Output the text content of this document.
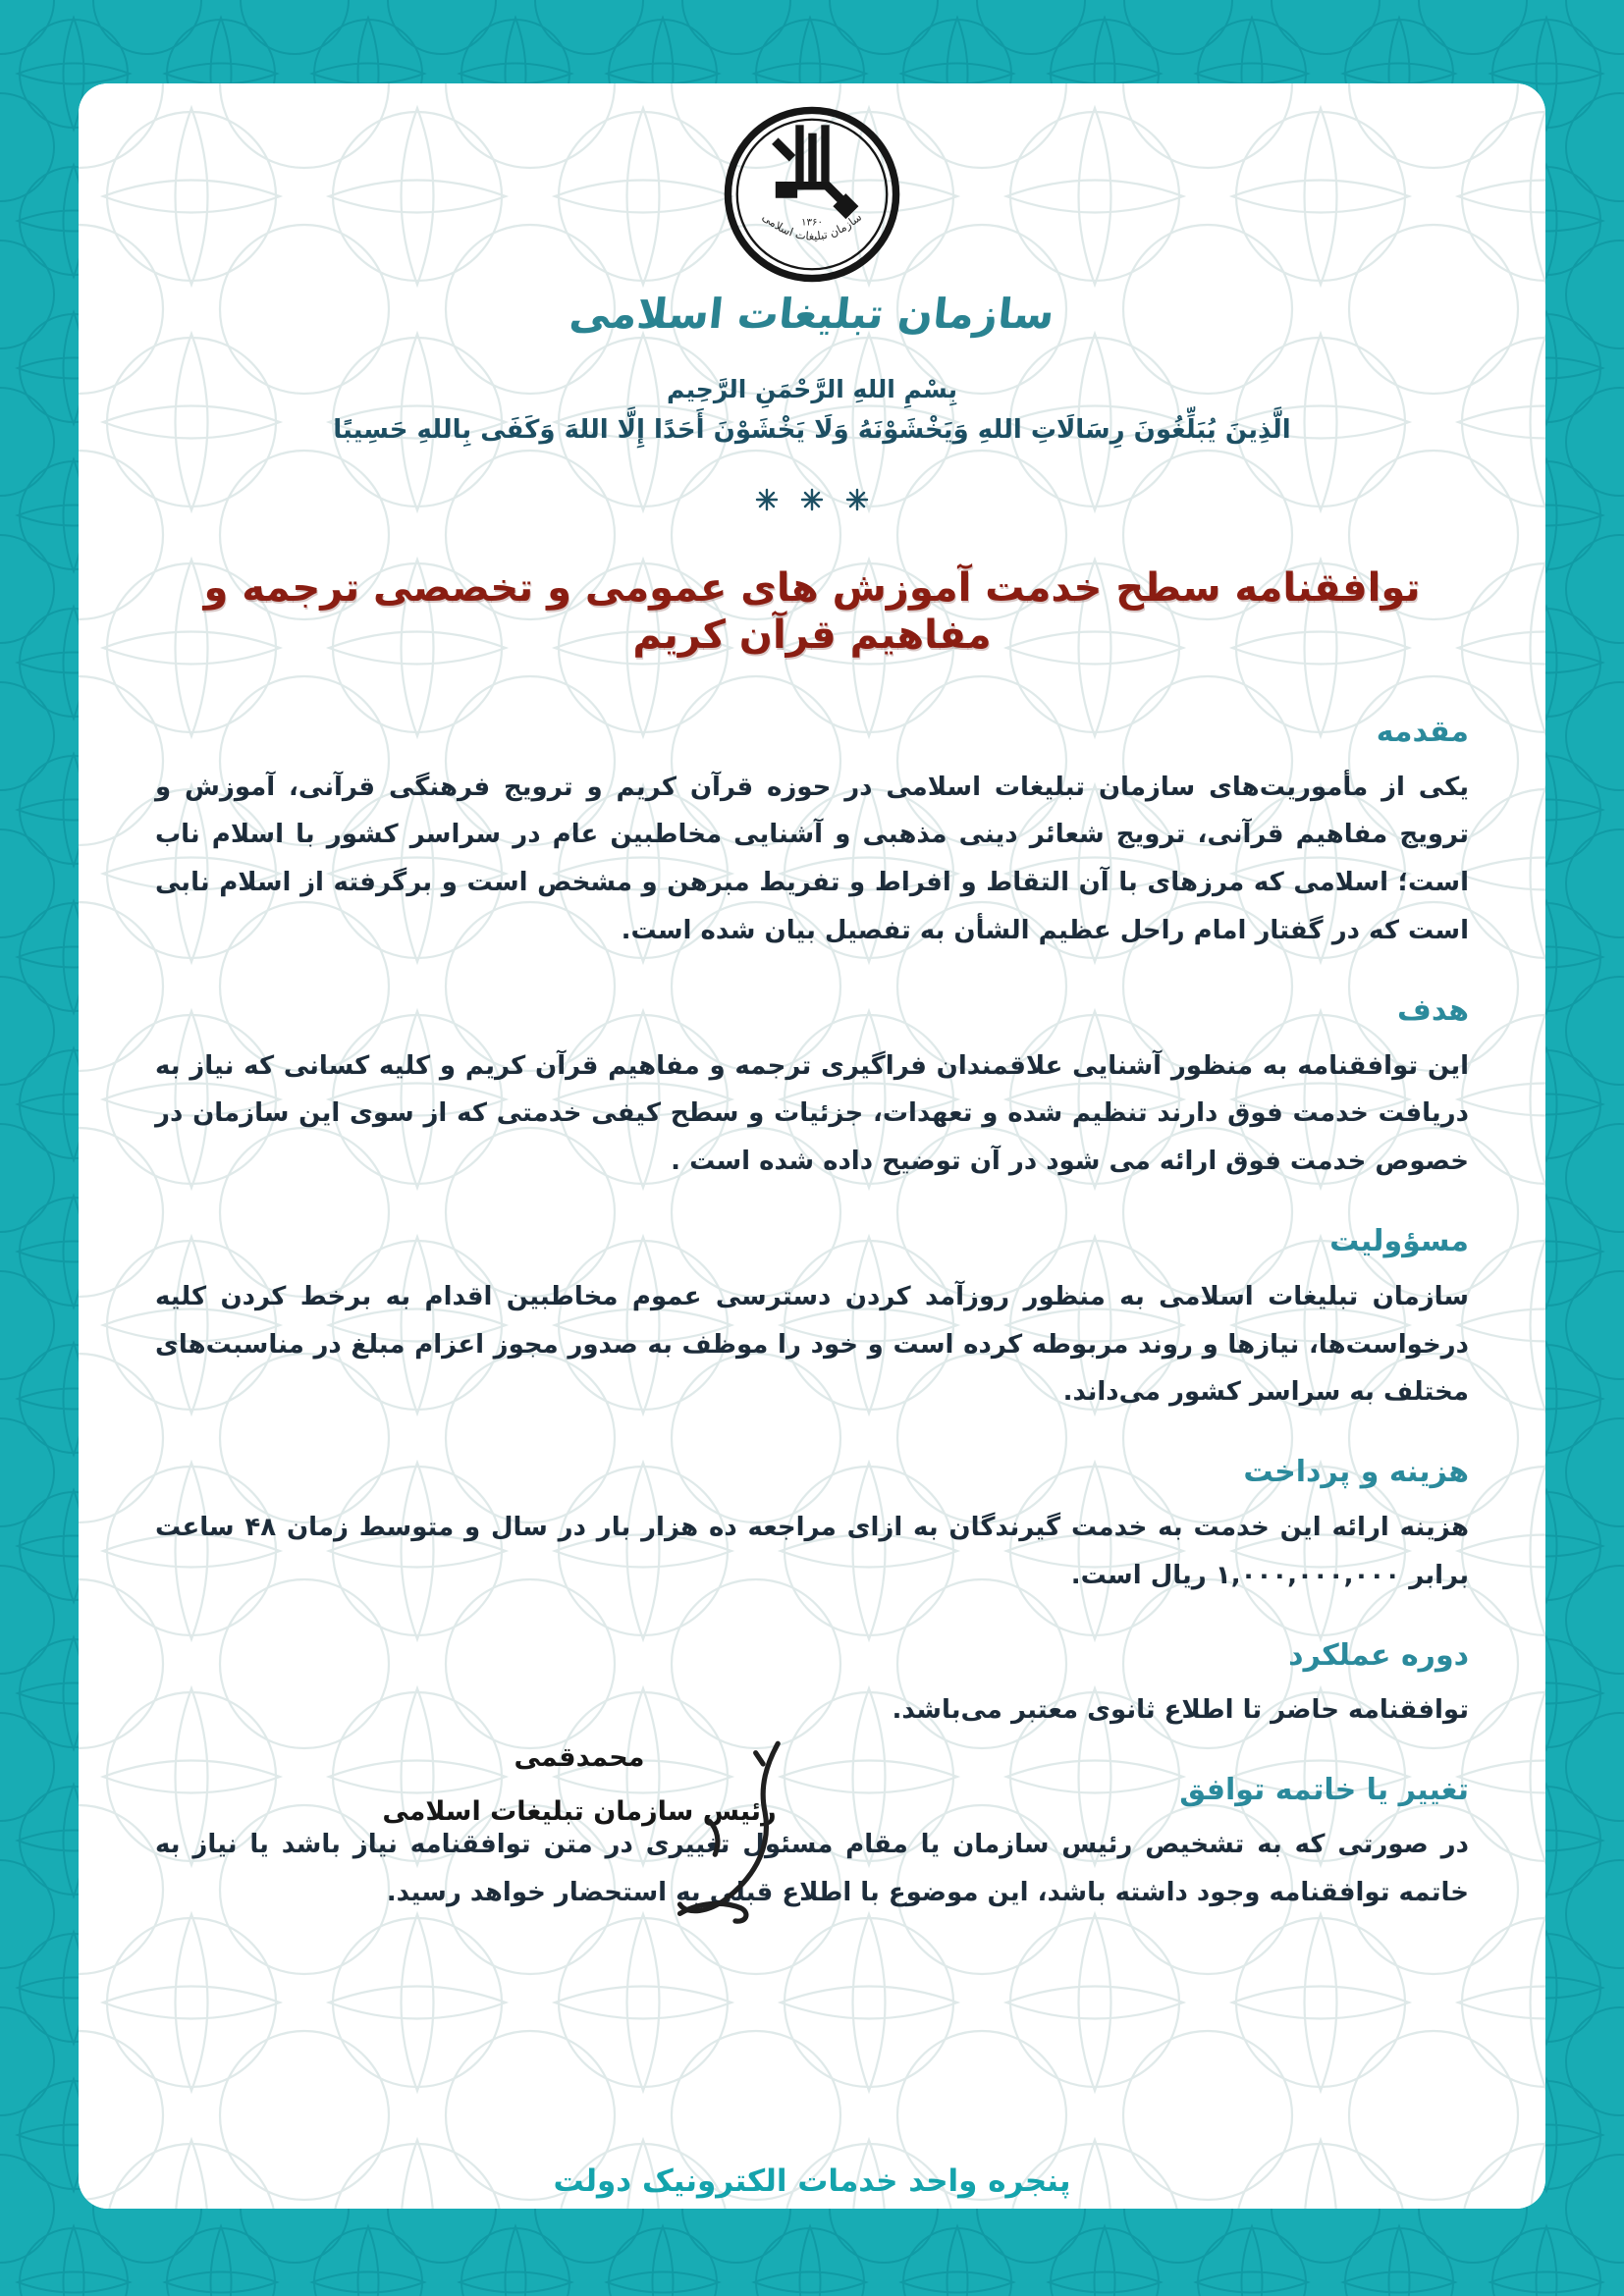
۱۳۶۰
سازمان تبلیغات اسلامی
سازمان تبلیغات اسلامی
بِسْمِ اللهِ الرَّحْمَنِ الرَّحِيم
الَّذِينَ يُبَلِّغُونَ رِسَالَاتِ اللهِ وَيَخْشَوْنَهُ وَلَا يَخْشَوْنَ أَحَدًا إِلَّا اللهَ وَكَفَى بِاللهِ حَسِيبًا
توافقنامه سطح خدمت آموزش های عمومی و تخصصی ترجمه و مفاهیم قرآن کریم
مقدمه

یکی از مأموریت‌های سازمان تبلیغات اسلامی در حوزه قرآن کریم و ترویج فرهنگی قرآنی، آموزش و ترویج مفاهیم قرآنی، ترویج شعائر دینی مذهبی و آشنایی مخاطبین عام در سراسر کشور با اسلام ناب است؛ اسلامی که مرزهای با آن التقاط و افراط و تفریط مبرهن و مشخص است و برگرفته از اسلام نابی است که در گفتار امام راحل عظیم الشأن به تفصیل بیان شده است.

هدف

این توافقنامه به منظور آشنایی علاقمندان فراگیری ترجمه و مفاهیم قرآن کریم و کلیه کسانی که نیاز به دریافت خدمت فوق دارند تنظیم شده و تعهدات، جزئیات و سطح کیفی خدمتی که از سوی این سازمان در خصوص خدمت فوق ارائه می شود در آن توضیح داده شده است .

مسؤولیت

سازمان تبلیغات اسلامی به منظور روزآمد کردن دسترسی عموم مخاطبین اقدام به برخط کردن کلیه درخواست‌ها، نیازها و روند مربوطه کرده است و خود را موظف به صدور مجوز اعزام مبلغ در مناسبت‌های مختلف به سراسر کشور می‌داند.

هزینه و پرداخت

هزینه ارائه این خدمت به خدمت گیرندگان به ازای مراجعه ده هزار بار در سال و متوسط زمان ۴۸ ساعت برابر ۱,۰۰۰,۰۰۰,۰۰۰ ریال است.

دوره عملکرد

توافقنامه حاضر تا اطلاع ثانوی معتبر می‌باشد.

تغییر یا خاتمه توافق

در صورتی که به تشخیص رئیس سازمان یا مقام مسئول تغییری در متن توافقنامه نیاز باشد یا نیاز به خاتمه توافقنامه وجود داشته باشد، این موضوع با اطلاع قبلی به استحضار خواهد رسید.

محمدقمی
رئیس سازمان تبلیغات اسلامی
پنجره واحد خدمات الکترونیک دولت
